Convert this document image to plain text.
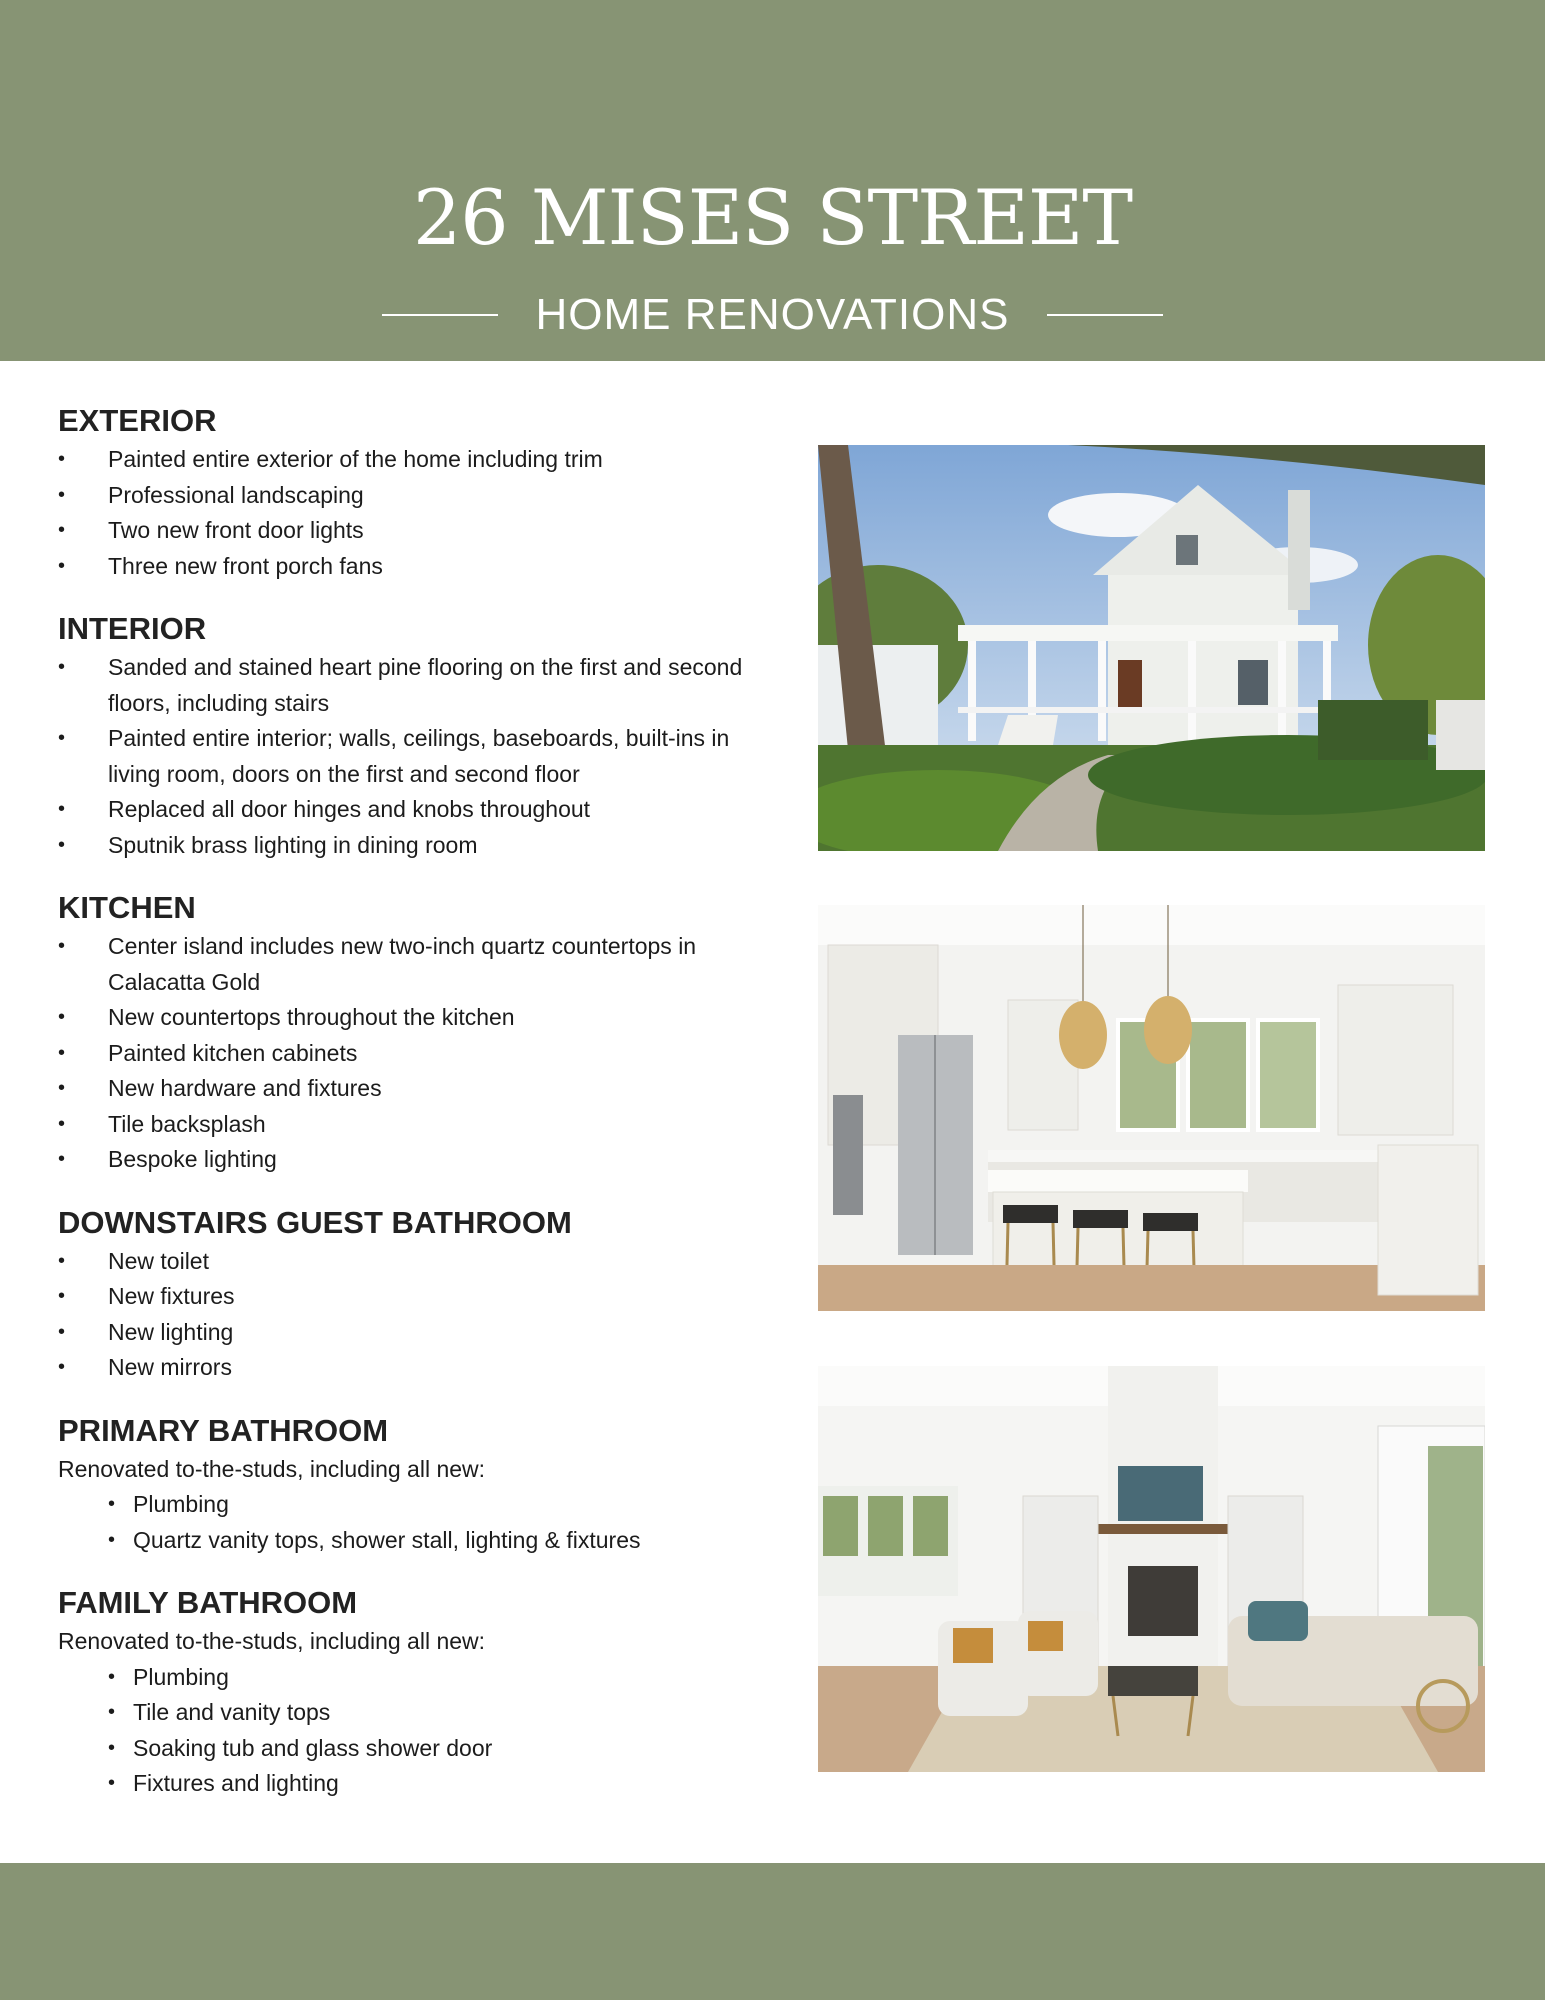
26 MISES STREET
HOME RENOVATIONS
EXTERIOR
• Painted entire exterior of the home including trim
• Professional landscaping
• Two new front door lights
• Three new front porch fans
INTERIOR
• Sanded and stained heart pine flooring on the first and second floors, including stairs
• Painted entire interior; walls, ceilings, baseboards, built-ins in living room, doors on the first and second floor
• Replaced all door hinges and knobs throughout
• Sputnik brass lighting in dining room
KITCHEN
• Center island includes new two-inch quartz countertops in Calacatta Gold
• New countertops throughout the kitchen
• Painted kitchen cabinets
• New hardware and fixtures
• Tile backsplash
• Bespoke lighting
DOWNSTAIRS GUEST BATHROOM
• New toilet
• New fixtures
• New lighting
• New mirrors
PRIMARY BATHROOM

Renovated to-the-studs, including all new:

• Plumbing
• Quartz vanity tops, shower stall, lighting & fixtures
FAMILY BATHROOM

Renovated to-the-studs, including all new:

• Plumbing
• Tile and vanity tops
• Soaking tub and glass shower door
• Fixtures and lighting
